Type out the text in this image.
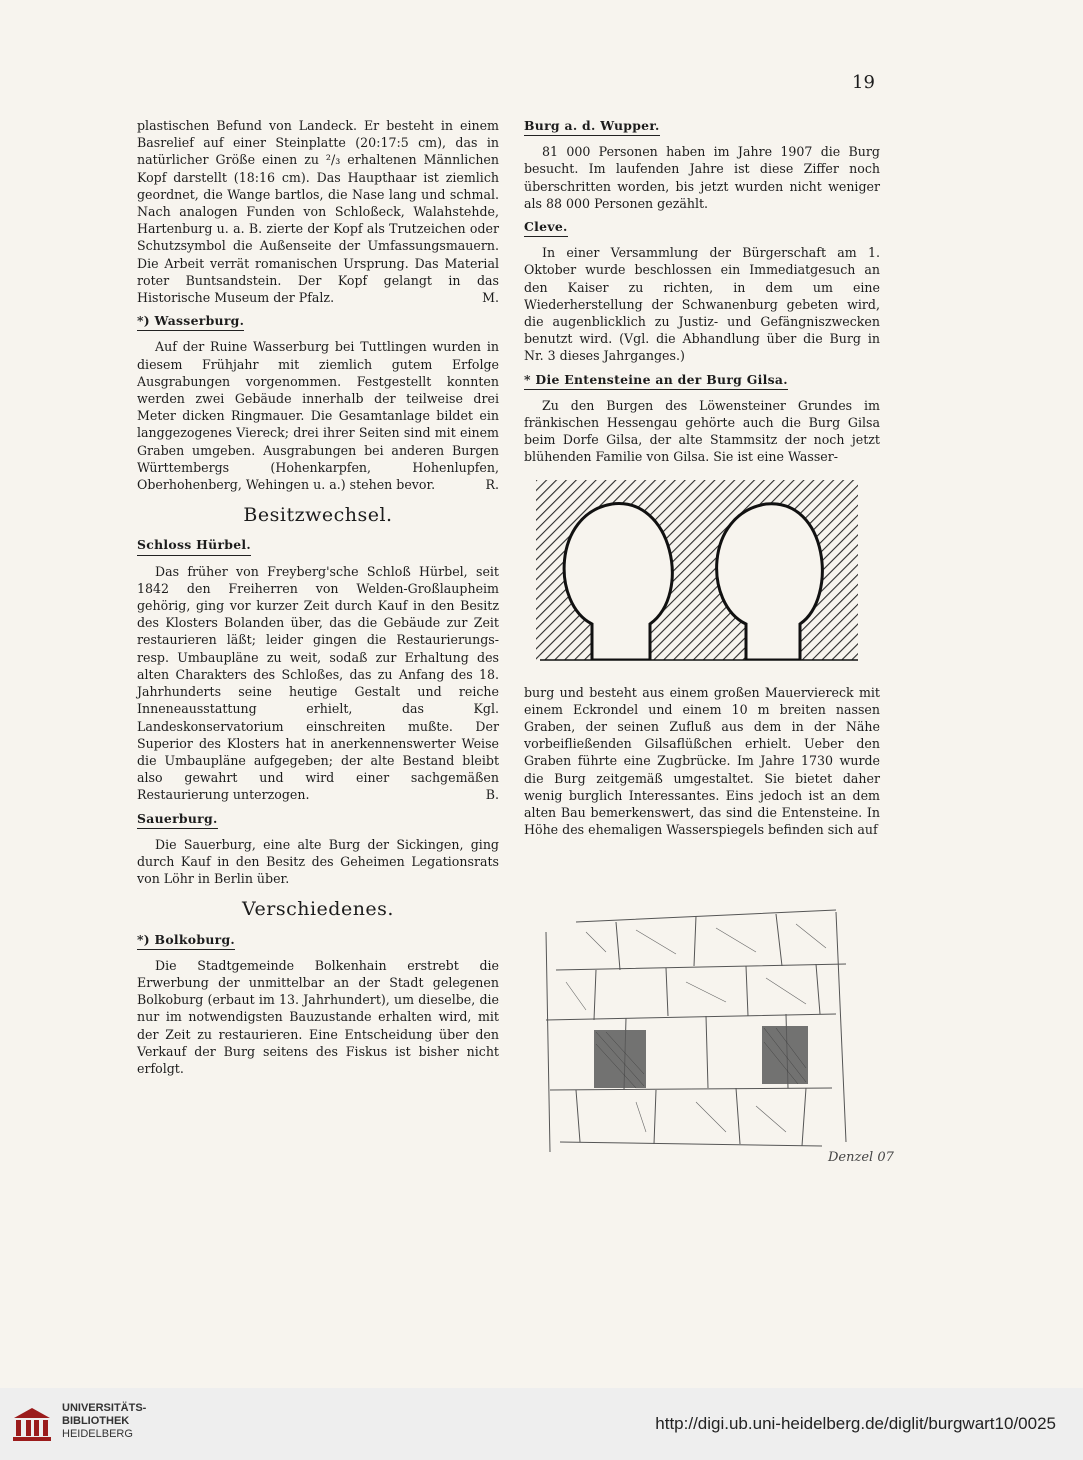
19

plastischen Befund von Landeck. Er besteht in einem Basrelief auf einer Steinplatte (20:17:5 cm), das in natürlicher Größe einen zu ²/₃ erhaltenen Männlichen Kopf darstellt (18:16 cm). Das Haupthaar ist ziemlich geordnet, die Wange bartlos, die Nase lang und schmal. Nach analogen Funden von Schloßeck, Walahstehde, Hartenburg u. a. B. zierte der Kopf als Trutzeichen oder Schutzsymbol die Außenseite der Umfassungsmauern. Die Arbeit verrät romanischen Ursprung. Das Material roter Buntsandstein. Der Kopf gelangt in das Historische Museum der Pfalz.	M.

*) Wasserburg.

Auf der Ruine Wasserburg bei Tuttlingen wurden in diesem Frühjahr mit ziemlich gutem Erfolge Ausgrabungen vorgenommen. Festgestellt konnten werden zwei Gebäude innerhalb der teilweise drei Meter dicken Ringmauer. Die Gesamtanlage bildet ein langgezogenes Viereck; drei ihrer Seiten sind mit einem Graben umgeben. Ausgrabungen bei anderen Burgen Württembergs (Hohenkarpfen, Hohenlupfen, Oberhohenberg, Wehingen u. a.) stehen bevor.	R.

Besitzwechsel.
Schloss Hürbel.

Das früher von Freyberg'sche Schloß Hürbel, seit 1842 den Freiherren von Welden-Großlaupheim gehörig, ging vor kurzer Zeit durch Kauf in den Besitz des Klosters Bolanden über, das die Gebäude zur Zeit restaurieren läßt; leider gingen die Restaurierungs- resp. Umbaupläne zu weit, sodaß zur Erhaltung des alten Charakters des Schloßes, das zu Anfang des 18. Jahrhunderts seine heutige Gestalt und reiche Inneneausstattung erhielt, das Kgl. Landeskonservatorium einschreiten mußte. Der Superior des Klosters hat in anerkennenswerter Weise die Umbaupläne aufgegeben; der alte Bestand bleibt also gewahrt und wird einer sachgemäßen Restaurierung unterzogen.	B.

Sauerburg.

Die Sauerburg, eine alte Burg der Sickingen, ging durch Kauf in den Besitz des Geheimen Legationsrats von Löhr in Berlin über.

Verschiedenes.
*) Bolkoburg.

Die Stadtgemeinde Bolkenhain erstrebt die Erwerbung der unmittelbar an der Stadt gelegenen Bolkoburg (erbaut im 13. Jahrhundert), um dieselbe, die nur im notwendigsten Bauzustande erhalten wird, mit der Zeit zu restaurieren. Eine Entscheidung über den Verkauf der Burg seitens des Fiskus ist bisher nicht erfolgt.

Burg a. d. Wupper.

81 000 Personen haben im Jahre 1907 die Burg besucht. Im laufenden Jahre ist diese Ziffer noch überschritten worden, bis jetzt wurden nicht weniger als 88 000 Personen gezählt.

Cleve.

In einer Versammlung der Bürgerschaft am 1. Oktober wurde beschlossen ein Immediatgesuch an den Kaiser zu richten, in dem um eine Wiederherstellung der Schwanenburg gebeten wird, die augenblicklich zu Justiz- und Gefängniszwecken benutzt wird. (Vgl. die Abhandlung über die Burg in Nr. 3 dieses Jahrganges.)

* Die Entensteine an der Burg Gilsa.

Zu den Burgen des Löwensteiner Grundes im fränkischen Hessengau gehörte auch die Burg Gilsa beim Dorfe Gilsa, der alte Stammsitz der noch jetzt blühenden Familie von Gilsa. Sie ist eine Wasser-

burg und besteht aus einem großen Mauerviereck mit einem Eckrondel und einem 10 m breiten nassen Graben, der seinen Zufluß aus dem in der Nähe vorbeifließenden Gilsaflüßchen erhielt. Ueber den Graben führte eine Zugbrücke. Im Jahre 1730 wurde die Burg zeitgemäß umgestaltet. Sie bietet daher wenig burglich Interessantes. Eins jedoch ist an dem alten Bau bemerkenswert, das sind die Entensteine. In Höhe des ehemaligen Wasserspiegels befinden sich auf

Denzel 07
UNIVERSITÄTS-
BIBLIOTHEK
HEIDELBERG
http://digi.ub.uni-heidelberg.de/diglit/burgwart10/0025
